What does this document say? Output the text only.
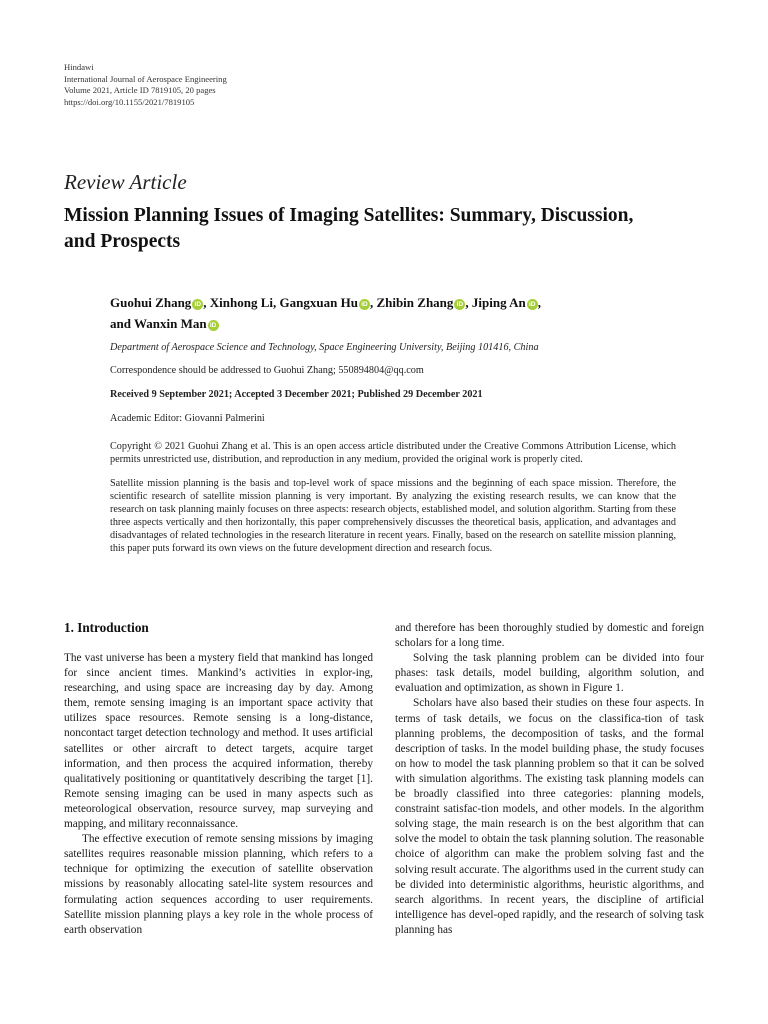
Hindawi
International Journal of Aerospace Engineering
Volume 2021, Article ID 7819105, 20 pages
https://doi.org/10.1155/2021/7819105
Review Article
Mission Planning Issues of Imaging Satellites: Summary, Discussion, and Prospects
Guohui Zhang iD , Xinhong Li, Gangxuan Hu iD , Zhibin Zhang iD , Jiping An iD ,
and Wanxin Man iD
Department of Aerospace Science and Technology, Space Engineering University, Beijing 101416, China
Correspondence should be addressed to Guohui Zhang; 550894804@qq.com
Received 9 September 2021; Accepted 3 December 2021; Published 29 December 2021
Academic Editor: Giovanni Palmerini
Copyright © 2021 Guohui Zhang et al. This is an open access article distributed under the Creative Commons Attribution License, which permits unrestricted use, distribution, and reproduction in any medium, provided the original work is properly cited.
Satellite mission planning is the basis and top-level work of space missions and the beginning of each space mission. Therefore, the scientific research of satellite mission planning is very important. By analyzing the existing research results, we can know that the research on task planning mainly focuses on three aspects: research objects, established model, and solution algorithm. Starting from these three aspects vertically and then horizontally, this paper comprehensively discusses the theoretical basis, application, and advantages and disadvantages of related technologies in the research literature in recent years. Finally, based on the research on satellite mission planning, this paper puts forward its own views on the future development direction and research focus.
1. Introduction

The vast universe has been a mystery field that mankind has longed for since ancient times. Mankind’s activities in explor-ing, researching, and using space are increasing day by day. Among them, remote sensing imaging is an important space activity that utilizes space resources. Remote sensing is a long-distance, noncontact target detection technology and method. It uses artificial satellites or other aircraft to detect targets, acquire target information, and then process the acquired information, thereby qualitatively positioning or quantitatively describing the target [1]. Remote sensing imaging can be used in many aspects such as meteorological observation, resource survey, map surveying and mapping, and military reconnaissance.

The effective execution of remote sensing missions by imaging satellites requires reasonable mission planning, which refers to a technique for optimizing the execution of satellite observation missions by reasonably allocating satel-lite system resources and formulating action sequences according to user requirements. Satellite mission planning plays a key role in the whole process of earth observation

and therefore has been thoroughly studied by domestic and foreign scholars for a long time.

Solving the task planning problem can be divided into four phases: task details, model building, algorithm solution, and evaluation and optimization, as shown in Figure 1.

Scholars have also based their studies on these four aspects. In terms of task details, we focus on the classifica-tion of task planning problems, the decomposition of tasks, and the formal description of tasks. In the model building phase, the study focuses on how to model the task planning problem so that it can be solved with simulation algorithms. The existing task planning models can be broadly classified into three categories: planning models, constraint satisfac-tion models, and other models. In the algorithm solving stage, the main research is on the best algorithm that can solve the model to obtain the task planning solution. The reasonable choice of algorithm can make the problem solving fast and the solving result accurate. The algorithms used in the current study can be divided into deterministic algorithms, heuristic algorithms, and search algorithms. In recent years, the discipline of artificial intelligence has devel-oped rapidly, and the research of solving task planning has
